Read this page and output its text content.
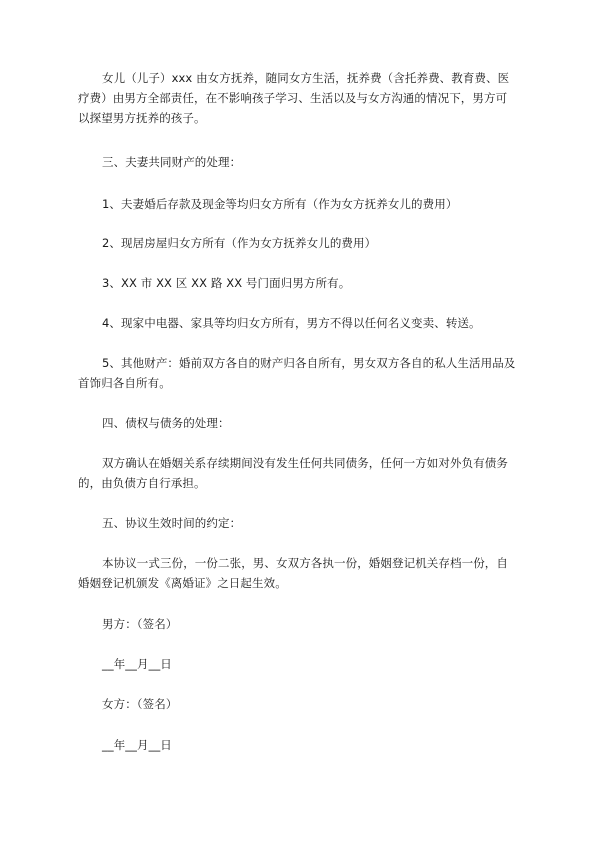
女儿（儿子）xxx 由女方抚养，随同女方生活，抚养费（含托养费、教育费、医疗费）由男方全部责任，在不影响孩子学习、生活以及与女方沟通的情况下，男方可以探望男方抚养的孩子。

三、夫妻共同财产的处理：

1、夫妻婚后存款及现金等均归女方所有（作为女方抚养女儿的费用）

2、现居房屋归女方所有（作为女方抚养女儿的费用）

3、XX 市 XX 区 XX 路 XX 号门面归男方所有。

4、现家中电器、家具等均归女方所有，男方不得以任何名义变卖、转送。

5、其他财产：婚前双方各自的财产归各自所有，男女双方各自的私人生活用品及首饰归各自所有。

四、债权与债务的处理：

双方确认在婚姻关系存续期间没有发生任何共同债务，任何一方如对外负有债务的，由负债方自行承担。

五、协议生效时间的约定：

本协议一式三份，一份二张，男、女双方各执一份，婚姻登记机关存档一份，自婚姻登记机颁发《离婚证》之日起生效。

男方：（签名）

__年__月__日

女方：（签名）

__年__月__日
